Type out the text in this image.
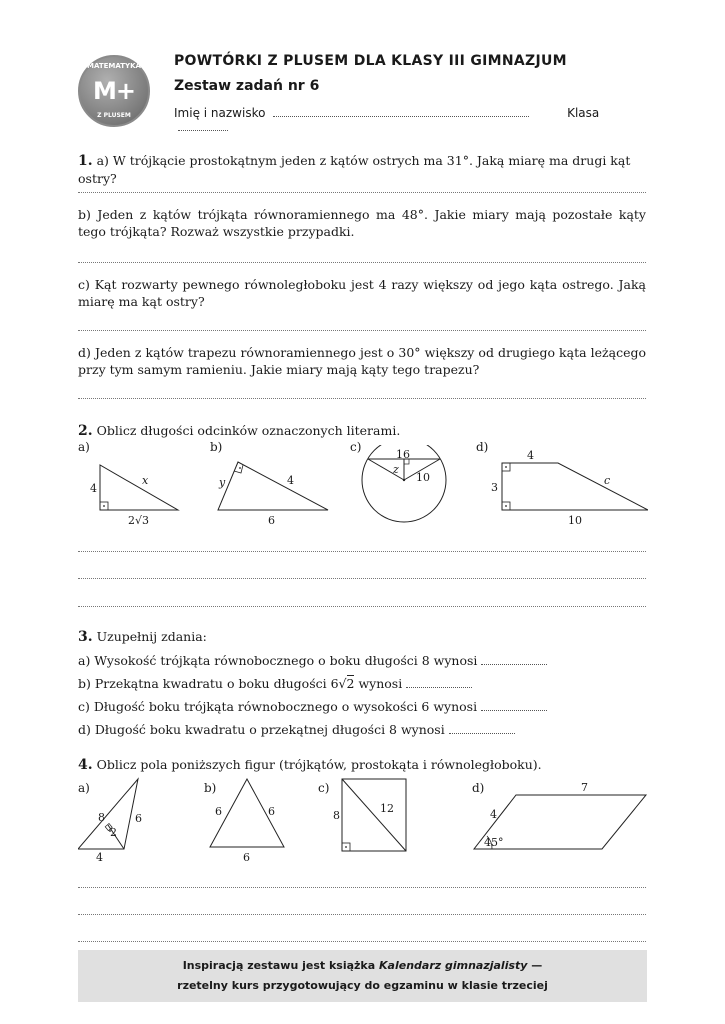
MATEMATYKA
M+
Z PLUSEM
POWTÓRKI Z PLUSEM DLA KLASY III GIMNAZJUM
Zestaw zadań nr 6
Imię i nazwisko	Klasa
1. a) W trójkącie prostokątnym jeden z kątów ostrych ma 31°. Jaką miarę ma drugi kąt ostry?
b) Jeden z kątów trójkąta równoramiennego ma 48°. Jakie miary mają pozostałe kąty tego trójkąta? Rozważ wszystkie przypadki.
c) Kąt rozwarty pewnego równoległoboku jest 4 razy większy od jego kąta ostrego. Jaką miarę ma kąt ostry?
d) Jeden z kątów trapezu równoramiennego jest o 30° większy od drugiego kąta leżącego przy tym samym ramieniu. Jakie miary mają kąty tego trapezu?
2. Oblicz długości odcinków oznaczonych literami.
a)	b)	c)	d)
4
x
2√3
y	4
6
16
z
10
4
3
c
10
3. Uzupełnij zdania:
a) Wysokość trójkąta równobocznego o boku długości 8 wynosi
b) Przekątna kwadratu o boku długości 6√2 wynosi
c) Długość boku trójkąta równobocznego o wysokości 6 wynosi
d) Długość boku kwadratu o przekątnej długości 8 wynosi
4. Oblicz pola poniższych figur (trójkątów, prostokąta i równoległoboku).
a)	b)	c)	d)
8	6
2
4
6	6
6
8
12
7
4
45°
Inspiracją zestawu jest książka Kalendarz gimnazjalisty —
rzetelny kurs przygotowujący do egzaminu w klasie trzeciej
